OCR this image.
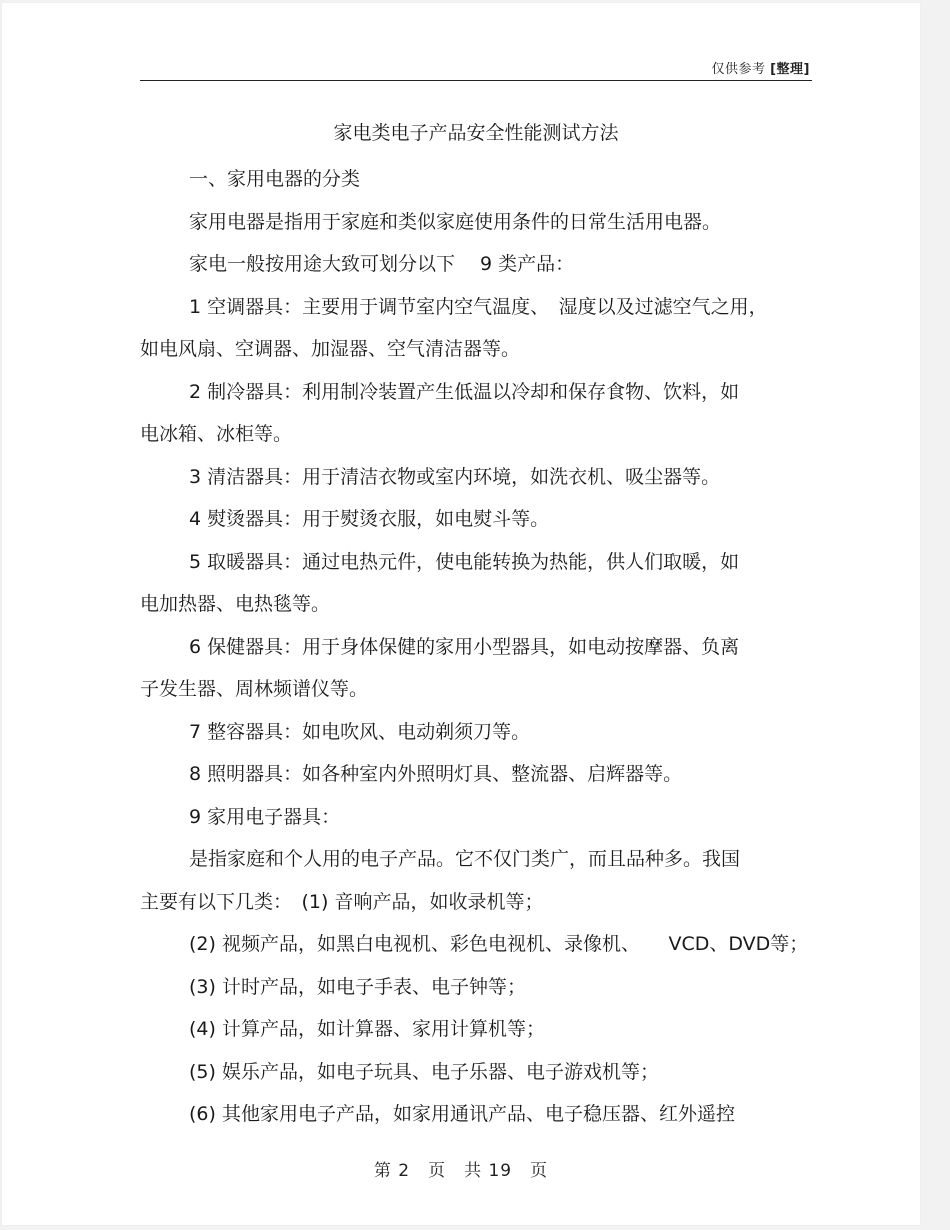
仅供参考 [整理]
家电类电子产品安全性能测试方法
一、家用电器的分类
家用电器是指用于家庭和类似家庭使用条件的日常生活用电器。
家电一般按用途大致可划分以下　 9 类产品：
1 空调器具：主要用于调节室内空气温度、　湿度以及过滤空气之用，
如电风扇、空调器、加湿器、空气清洁器等。
2 制冷器具：利用制冷装置产生低温以冷却和保存食物、饮料，如
电冰箱、冰柜等。
3 清洁器具：用于清洁衣物或室内环境，如洗衣机、吸尘器等。
4 熨烫器具：用于熨烫衣服，如电熨斗等。
5 取暖器具：通过电热元件，使电能转换为热能，供人们取暖，如
电加热器、电热毯等。
6 保健器具：用于身体保健的家用小型器具，如电动按摩器、负离
子发生器、周林频谱仪等。
7 整容器具：如电吹风、电动剃须刀等。
8 照明器具：如各种室内外照明灯具、整流器、启辉器等。
9 家用电子器具：
是指家庭和个人用的电子产品。它不仅门类广，而且品种多。我国
主要有以下几类：　(1) 音响产品，如收录机等；
(2) 视频产品，如黑白电视机、彩色电视机、录像机、　　VCD、DVD等；
(3) 计时产品，如电子手表、电子钟等；
(4) 计算产品，如计算器、家用计算机等；
(5) 娱乐产品，如电子玩具、电子乐器、电子游戏机等；
(6) 其他家用电子产品，如家用通讯产品、电子稳压器、红外遥控
第 2　页　共 19　页
